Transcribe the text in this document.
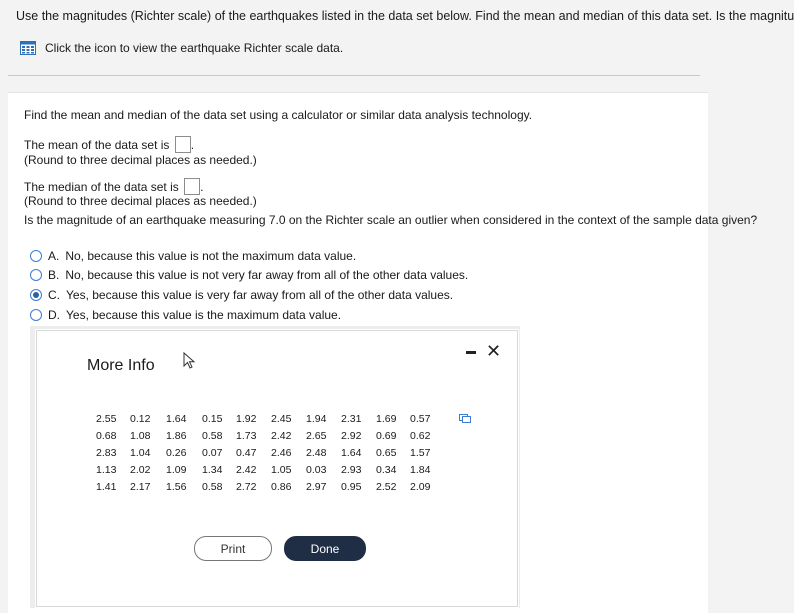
Use the magnitudes (Richter scale) of the earthquakes listed in the data set below. Find the mean and median of this data set. Is the magnitu
Click the icon to view the earthquake Richter scale data.
Find the mean and median of the data set using a calculator or similar data analysis technology.
The mean of the data set is .
(Round to three decimal places as needed.)
The median of the data set is .
(Round to three decimal places as needed.)
Is the magnitude of an earthquake measuring 7.0 on the Richter scale an outlier when considered in the context of the sample data given?
A. No, because this value is not the maximum data value.
B. No, because this value is not very far away from all of the other data values.
C. Yes, because this value is very far away from all of the other data values.
D. Yes, because this value is the maximum data value.
More Info
✕
2.55	0.12	1.64	0.15	1.92	2.45	1.94	2.31	1.69	0.57
0.68	1.08	1.86	0.58	1.73	2.42	2.65	2.92	0.69	0.62
2.83	1.04	0.26	0.07	0.47	2.46	2.48	1.64	0.65	1.57
1.13	2.02	1.09	1.34	2.42	1.05	0.03	2.93	0.34	1.84
1.41	2.17	1.56	0.58	2.72	0.86	2.97	0.95	2.52	2.09
Print	Done
